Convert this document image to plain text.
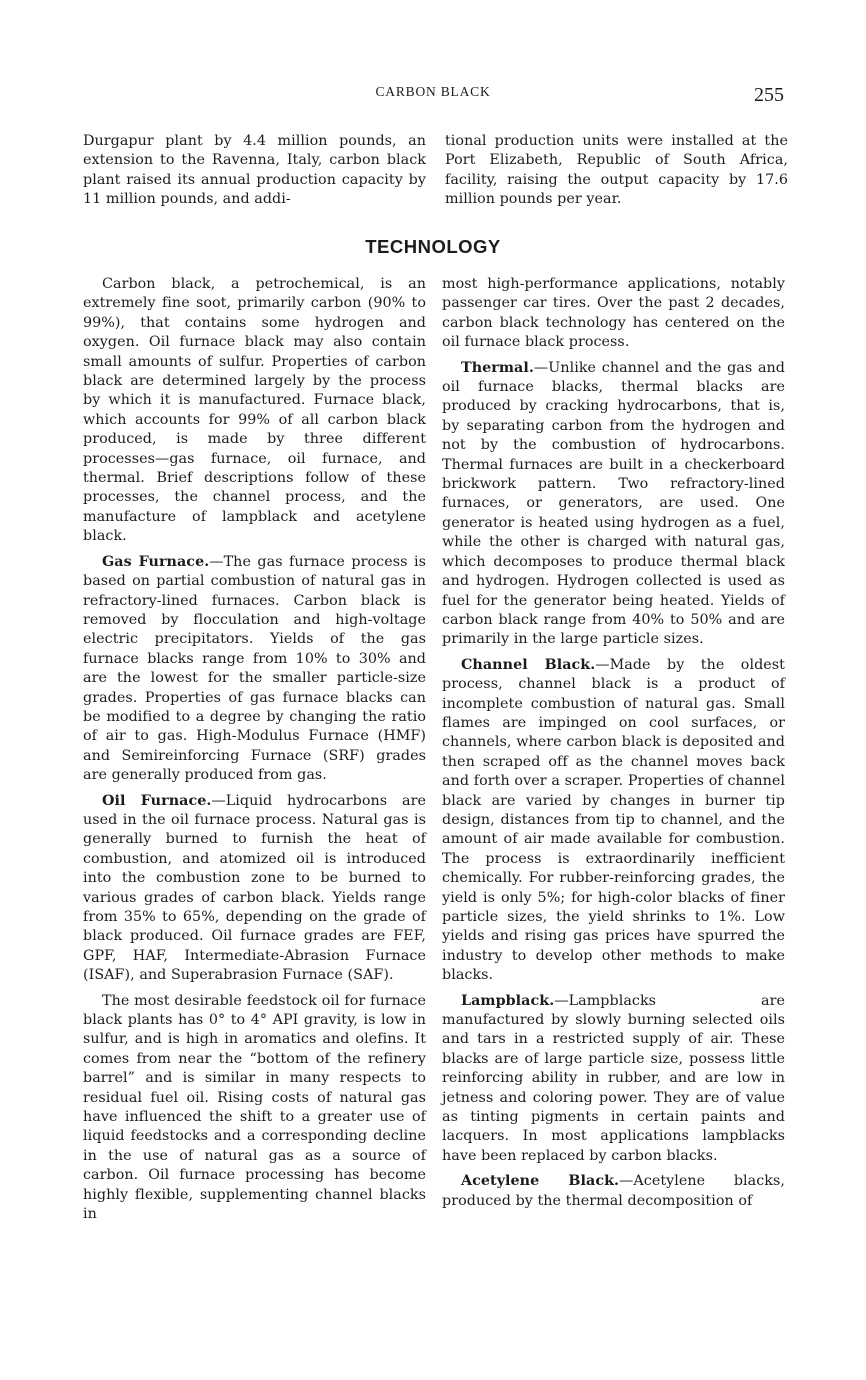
CARBON BLACK	255

Durgapur plant by 4.4 million pounds, an extension to the Ravenna, Italy, carbon black plant raised its annual production capacity by 11 million pounds, and addi-

tional production units were installed at the Port Elizabeth, Republic of South Africa, facility, raising the output capacity by 17.6 million pounds per year.

TECHNOLOGY

Carbon black, a petrochemical, is an extremely fine soot, primarily carbon (90% to 99%), that contains some hydrogen and oxygen. Oil furnace black may also contain small amounts of sulfur. Properties of carbon black are determined largely by the process by which it is manufactured. Furnace black, which accounts for 99% of all carbon black produced, is made by three different processes—gas furnace, oil furnace, and thermal. Brief descriptions follow of these processes, the channel process, and the manufacture of lampblack and acetylene black.

Gas Furnace.—The gas furnace process is based on partial combustion of natural gas in refractory-lined furnaces. Carbon black is removed by flocculation and high-voltage electric precipitators. Yields of the gas furnace blacks range from 10% to 30% and are the lowest for the smaller particle-size grades. Properties of gas furnace blacks can be modified to a degree by changing the ratio of air to gas. High-Modulus Furnace (HMF) and Semireinforcing Furnace (SRF) grades are generally produced from gas.

Oil Furnace.—Liquid hydrocarbons are used in the oil furnace process. Natural gas is generally burned to furnish the heat of combustion, and atomized oil is introduced into the combustion zone to be burned to various grades of carbon black. Yields range from 35% to 65%, depending on the grade of black produced. Oil furnace grades are FEF, GPF, HAF, Intermediate-Abrasion Furnace (ISAF), and Superabrasion Furnace (SAF).

The most desirable feedstock oil for furnace black plants has 0° to 4° API gravity, is low in sulfur, and is high in aromatics and olefins. It comes from near the “bottom of the refinery barrel” and is similar in many respects to residual fuel oil. Rising costs of natural gas have influenced the shift to a greater use of liquid feedstocks and a corresponding decline in the use of natural gas as a source of carbon. Oil furnace processing has become highly flexible, supplementing channel blacks in

most high-performance applications, notably passenger car tires. Over the past 2 decades, carbon black technology has centered on the oil furnace black process.

Thermal.—Unlike channel and the gas and oil furnace blacks, thermal blacks are produced by cracking hydrocarbons, that is, by separating carbon from the hydrogen and not by the combustion of hydrocarbons. Thermal furnaces are built in a checkerboard brickwork pattern. Two refractory-lined furnaces, or generators, are used. One generator is heated using hydrogen as a fuel, while the other is charged with natural gas, which decomposes to produce thermal black and hydrogen. Hydrogen collected is used as fuel for the generator being heated. Yields of carbon black range from 40% to 50% and are primarily in the large particle sizes.

Channel Black.—Made by the oldest process, channel black is a product of incomplete combustion of natural gas. Small flames are impinged on cool surfaces, or channels, where carbon black is deposited and then scraped off as the channel moves back and forth over a scraper. Properties of channel black are varied by changes in burner tip design, distances from tip to channel, and the amount of air made available for combustion. The process is extraordinarily inefficient chemically. For rubber-reinforcing grades, the yield is only 5%; for high-color blacks of finer particle sizes, the yield shrinks to 1%. Low yields and rising gas prices have spurred the industry to develop other methods to make blacks.

Lampblack.—Lampblacks are manufactured by slowly burning selected oils and tars in a restricted supply of air. These blacks are of large particle size, possess little reinforcing ability in rubber, and are low in jetness and coloring power. They are of value as tinting pigments in certain paints and lacquers. In most applications lampblacks have been replaced by carbon blacks.

Acetylene Black.—Acetylene blacks, produced by the thermal decomposition of
